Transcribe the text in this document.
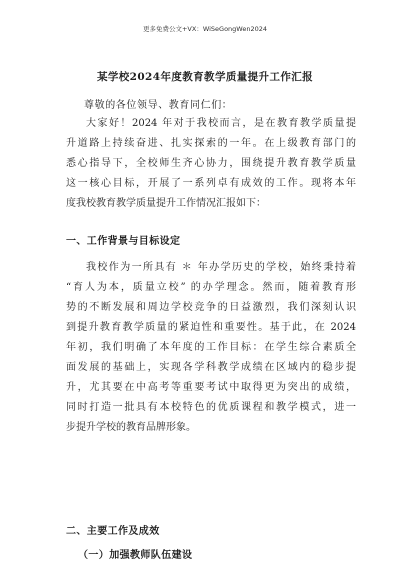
更多免费公文+VX：WiSeGongWen2024
某学校2024年度教育教学质量提升工作汇报
尊敬的各位领导、教育同仁们：
大家好！2024 年对于我校而言，是在教育教学质量提
升道路上持续奋进、扎实探索的一年。在上级教育部门的
悉心指导下，全校师生齐心协力，围绕提升教育教学质量
这一核心目标，开展了一系列卓有成效的工作。现将本年
度我校教育教学质量提升工作情况汇报如下：
一、工作背景与目标设定
我校作为一所具有 ＊ 年办学历史的学校，始终秉持着
“育人为本，质量立校” 的办学理念。然而，随着教育形
势的不断发展和周边学校竞争的日益激烈，我们深刻认识
到提升教育教学质量的紧迫性和重要性。基于此，在 2024
年初，我们明确了本年度的工作目标：在学生综合素质全
面发展的基础上，实现各学科教学成绩在区域内的稳步提
升，尤其要在中高考等重要考试中取得更为突出的成绩，
同时打造一批具有本校特色的优质课程和教学模式，进一
步提升学校的教育品牌形象。
二、主要工作及成效
（一）加强教师队伍建设
